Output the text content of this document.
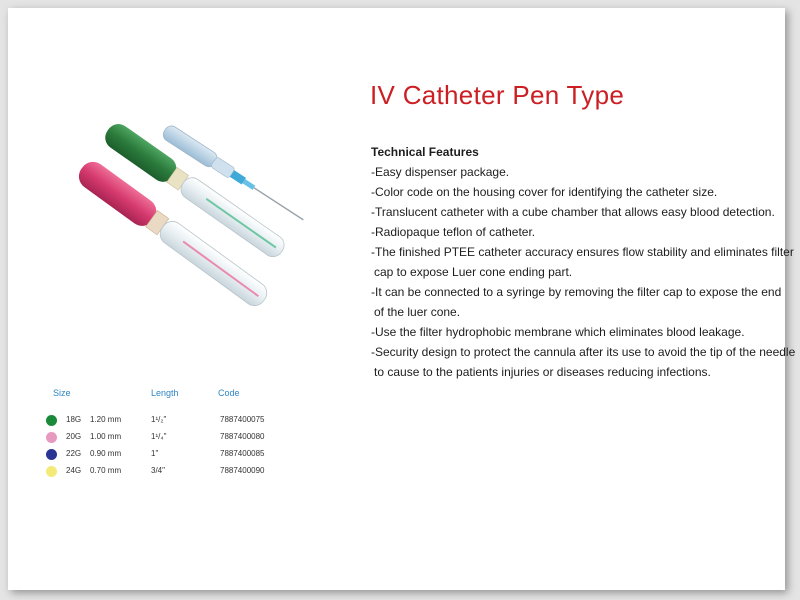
IV Catheter Pen Type
Technical Features
-Easy dispenser package.
-Color code on the housing cover for identifying the catheter size.
-Translucent catheter with a cube chamber that allows easy blood detection.
-Radiopaque teflon of catheter.
-The finished PTEE catheter accuracy ensures flow stability and eliminates filter
cap to expose Luer cone ending part.
-It can be connected to a syringe by removing the filter cap to expose the end
of the luer cone.
-Use the filter hydrophobic membrane which eliminates blood leakage.
-Security design to protect the cannula after its use to avoid the tip of the needle
to cause to the patients injuries or diseases reducing infections.
Size	Length	Code
18G 1.20 mm	1¹/₂"	7887400075
20G 1.00 mm	1¹/₄"	7887400080
22G 0.90 mm	1"	7887400085
24G 0.70 mm	3/4"	7887400090
